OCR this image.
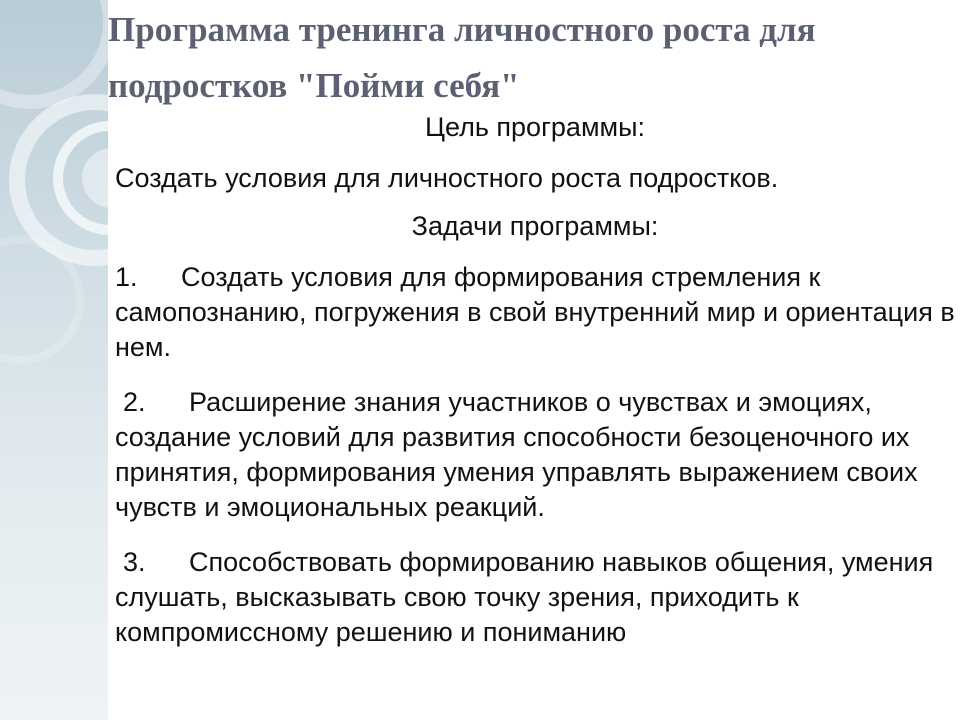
Программа тренинга личностного роста для
подростков "Пойми себя"

Цель программы:

Создать условия для личностного роста подростков.

Задачи программы:

1. Создать условия для формирования стремления к самопознанию, погружения в свой внутренний мир и ориентация в нем.

2. Расширение знания участников о чувствах и эмоциях, создание условий для развития способности безоценочного их принятия, формирования умения управлять выражением своих чувств и эмоциональных реакций.

3. Способствовать формированию навыков общения, умения слушать, высказывать свою точку зрения, приходить к компромиссному решению и пониманию
